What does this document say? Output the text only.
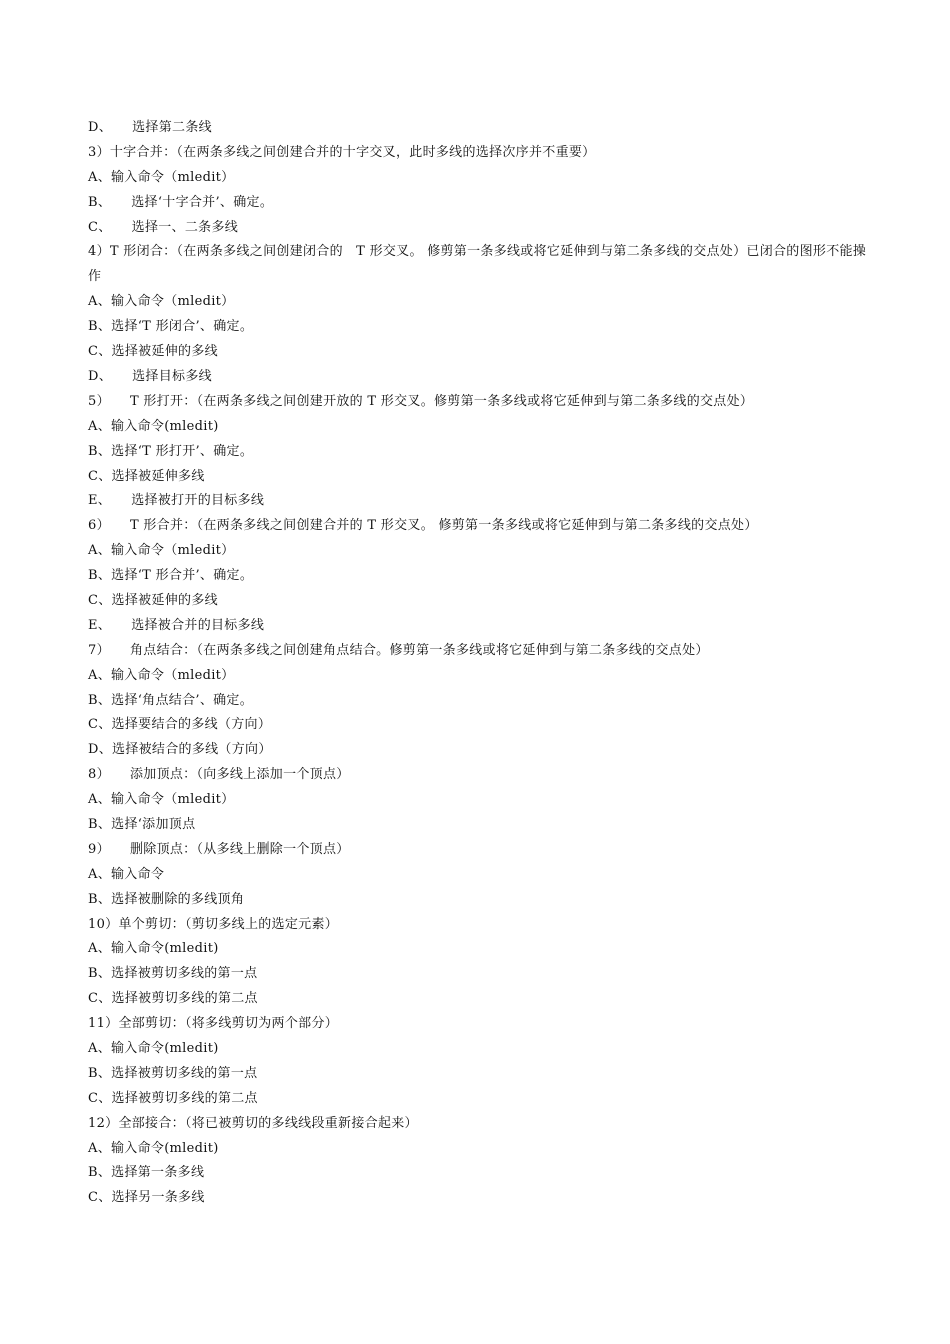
D、　　选择第二条线
3）十字合并：（在两条多线之间创建合并的十字交叉，此时多线的选择次序并不重要）
A、输入命令（mledit）
B、　　选择‘十字合并’、确定。
C、　　选择一、二条多线
4）T 形闭合：（在两条多线之间创建闭合的　T 形交叉。 修剪第一条多线或将它延伸到与第二条多线的交点处）已闭合的图形不能操作
A、输入命令（mledit）
B、选择‘T 形闭合’、确定。
C、选择被延伸的多线
D、　　选择目标多线
5）　　T 形打开：（在两条多线之间创建开放的 T 形交叉。修剪第一条多线或将它延伸到与第二条多线的交点处）
A、输入命令(mledit)
B、选择‘T 形打开’、确定。
C、选择被延伸多线
E、　　选择被打开的目标多线
6）　　T 形合并：（在两条多线之间创建合并的 T 形交叉。 修剪第一条多线或将它延伸到与第二条多线的交点处）
A、输入命令（mledit）
B、选择‘T 形合并’、确定。
C、选择被延伸的多线
E、　　选择被合并的目标多线
7）　　角点结合：（在两条多线之间创建角点结合。修剪第一条多线或将它延伸到与第二条多线的交点处）
A、输入命令（mledit）
B、选择‘角点结合’、确定。
C、选择要结合的多线（方向）
D、选择被结合的多线（方向）
8）　　添加顶点：（向多线上添加一个顶点）
A、输入命令（mledit）
B、选择‘添加顶点
9）　　删除顶点：（从多线上删除一个顶点）
A、输入命令
B、选择被删除的多线顶角
10）单个剪切：（剪切多线上的选定元素）
A、输入命令(mledit)
B、选择被剪切多线的第一点
C、选择被剪切多线的第二点
11）全部剪切：（将多线剪切为两个部分）
A、输入命令(mledit)
B、选择被剪切多线的第一点
C、选择被剪切多线的第二点
12）全部接合：（将已被剪切的多线线段重新接合起来）
A、输入命令(mledit)
B、选择第一条多线
C、选择另一条多线
